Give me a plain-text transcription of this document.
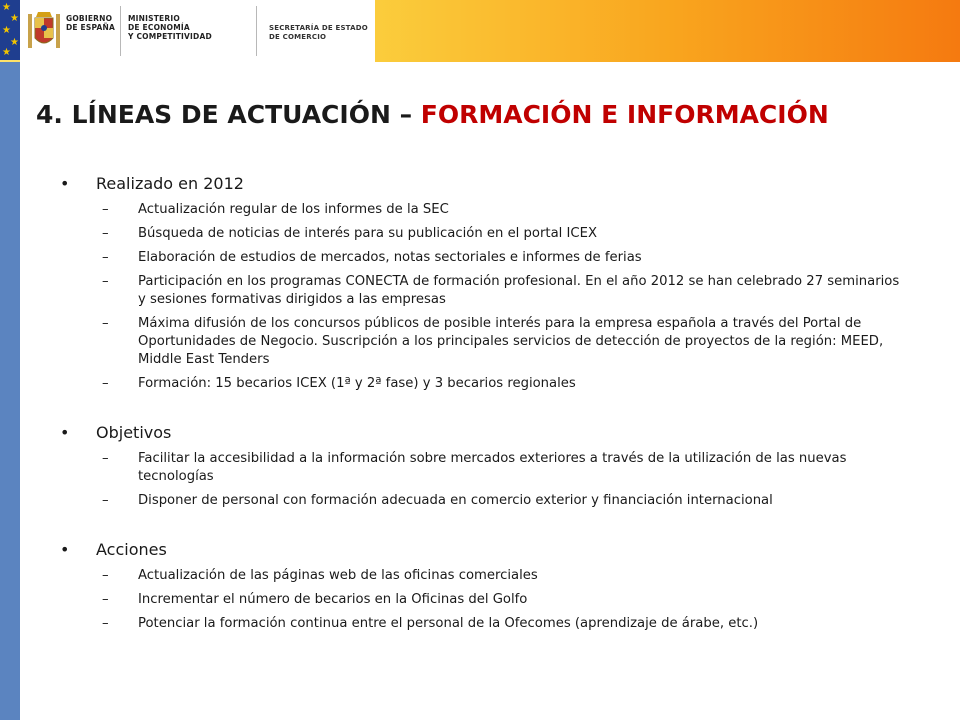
★
★
★
★
★
GOBIERNO
DE ESPAÑA
MINISTERIO
DE ECONOMÍA
Y COMPETITIVIDAD
SECRETARÍA DE ESTADO
DE COMERCIO
4. LÍNEAS DE ACTUACIÓN – FORMACIÓN E INFORMACIÓN
•	Realizado en 2012
–	Actualización regular de los informes de la SEC
–	Búsqueda de noticias de interés para su publicación en el portal ICEX
–	Elaboración de estudios de mercados, notas sectoriales e informes de ferias
–	Participación en los programas CONECTA de formación profesional. En el año 2012 se han celebrado 27 seminarios y sesiones formativas dirigidos a las empresas
–	Máxima difusión de los concursos públicos de posible interés para la empresa española a través del Portal de Oportunidades de Negocio. Suscripción a los principales servicios de detección de proyectos de la región: MEED, Middle East Tenders
–	Formación: 15 becarios ICEX (1ª y 2ª fase) y 3 becarios regionales
•	Objetivos
–	Facilitar la accesibilidad a la información sobre mercados exteriores a través de la utilización de las nuevas tecnologías
–	Disponer de personal con formación adecuada en comercio exterior y financiación internacional
•	Acciones
–	Actualización de las páginas web de las oficinas comerciales
–	Incrementar el número de becarios en la Oficinas del Golfo
–	Potenciar la formación continua entre el personal de la Ofecomes (aprendizaje de árabe, etc.)
